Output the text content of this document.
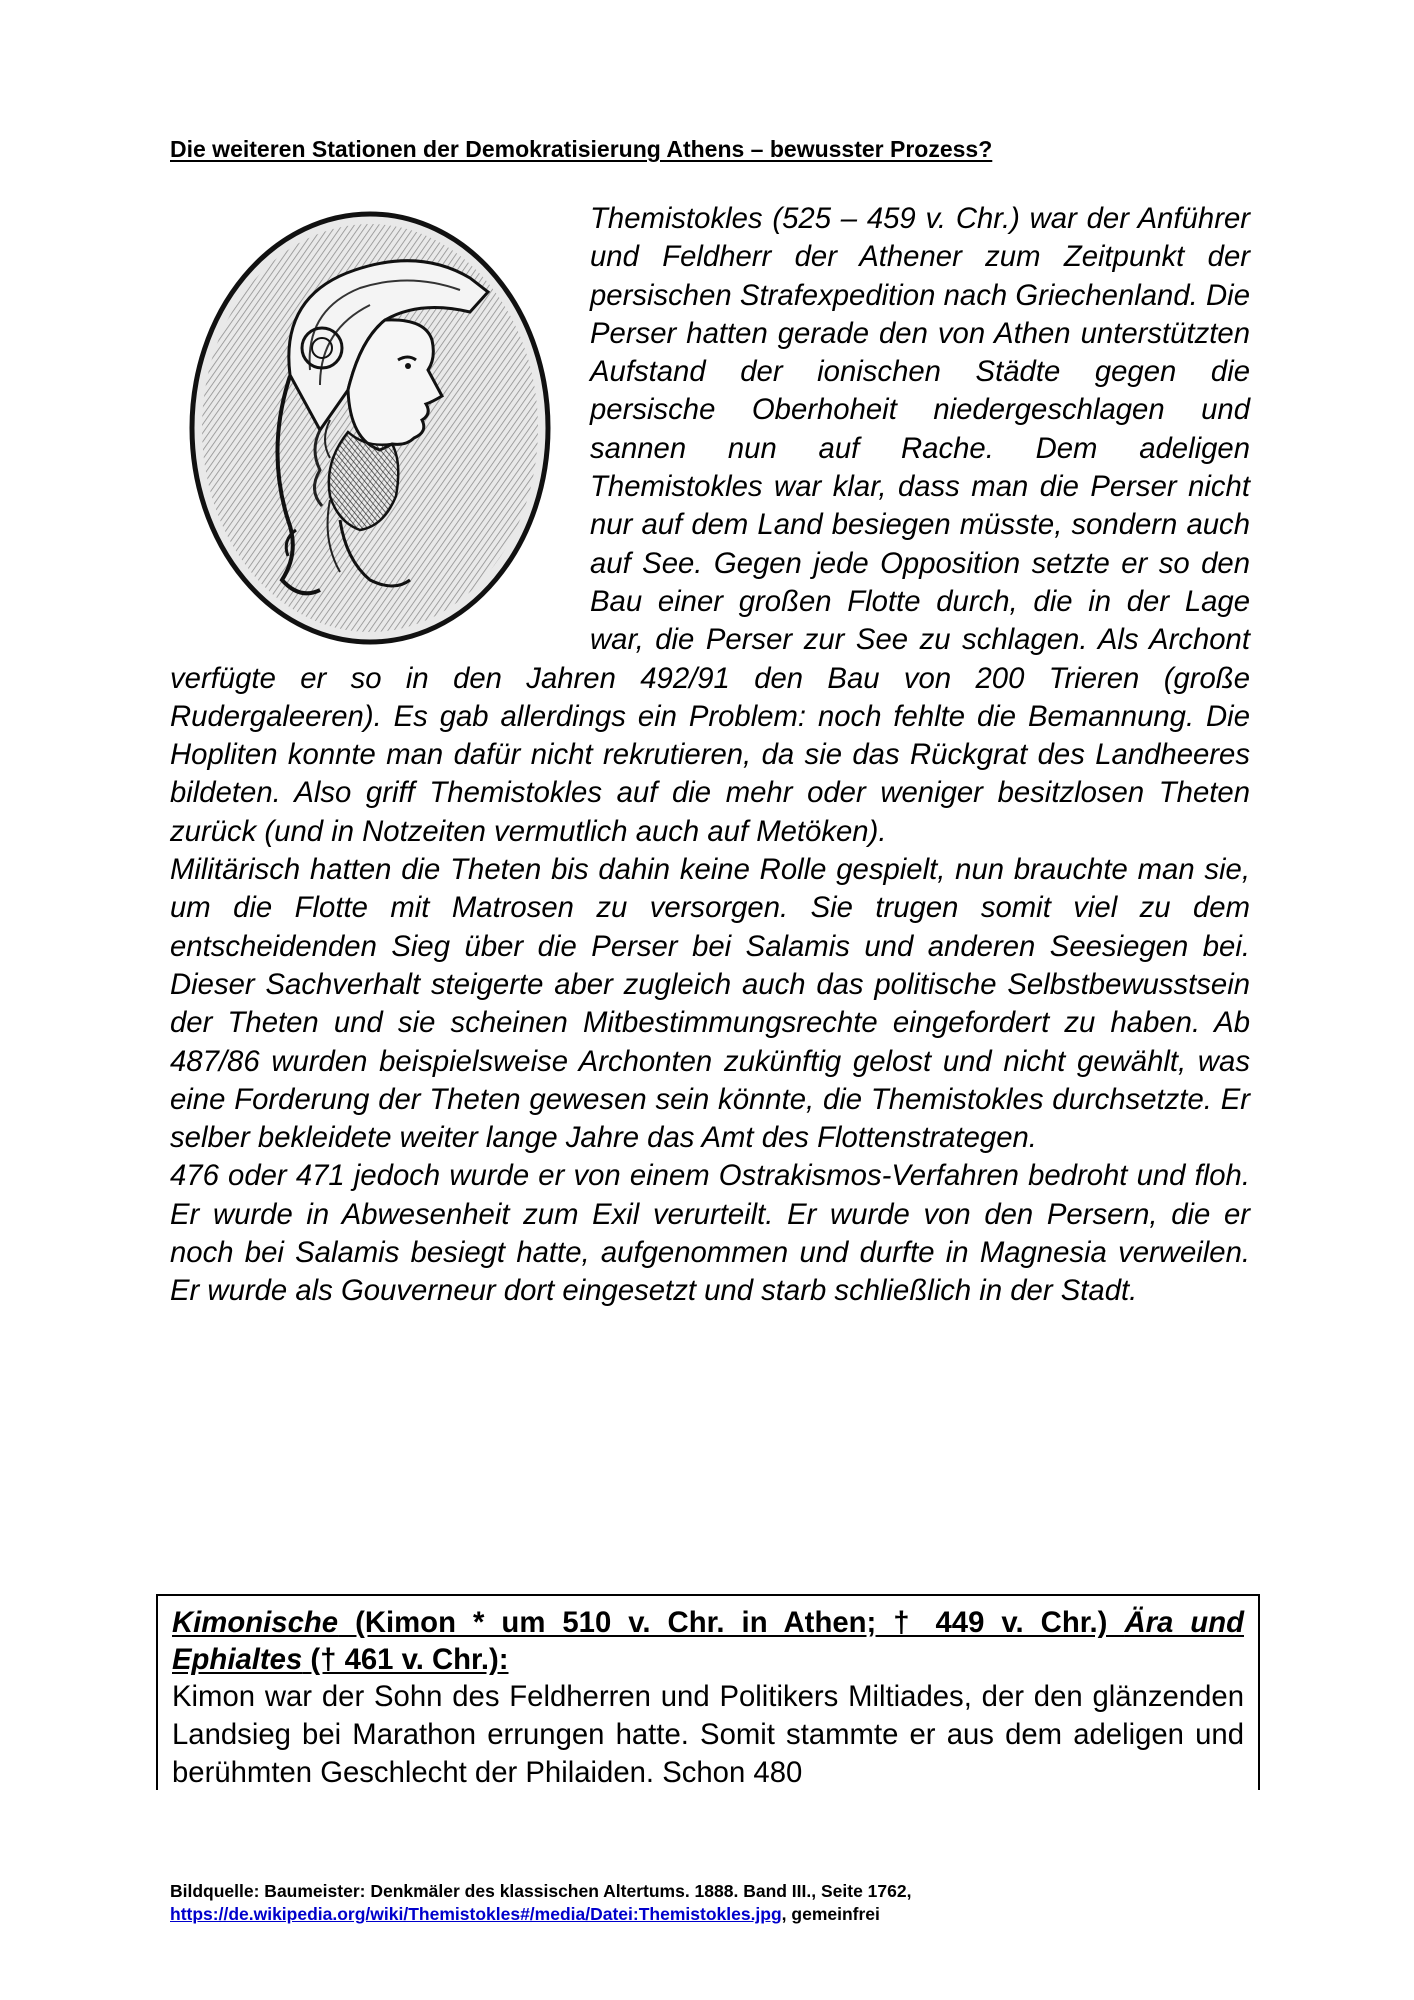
Die weiteren Stationen der Demokratisierung Athens – bewusster Prozess?

Themistokles (525 – 459 v. Chr.) war der Anführer und Feldherr der Athener zum Zeitpunkt der persischen Strafexpedition nach Griechenland. Die Perser hatten gerade den von Athen unterstützten Aufstand der ionischen Städte gegen die persische Oberhoheit niedergeschlagen und sannen nun auf Rache. Dem adeligen Themistokles war klar, dass man die Perser nicht nur auf dem Land besiegen müsste, sondern auch auf See. Gegen jede Opposition setzte er so den Bau einer großen Flotte durch, die in der Lage war, die Perser zur See zu schlagen. Als Archont verfügte er so in den Jahren 492/91 den Bau von 200 Trieren (große Rudergaleeren). Es gab allerdings ein Problem: noch fehlte die Bemannung. Die Hopliten konnte man dafür nicht rekrutieren, da sie das Rückgrat des Landheeres bildeten. Also griff Themistokles auf die mehr oder weniger besitzlosen Theten zurück (und in Notzeiten vermutlich auch auf Metöken).

Militärisch hatten die Theten bis dahin keine Rolle gespielt, nun brauchte man sie, um die Flotte mit Matrosen zu versorgen. Sie trugen somit viel zu dem entscheidenden Sieg über die Perser bei Salamis und anderen Seesiegen bei. Dieser Sachverhalt steigerte aber zugleich auch das politische Selbstbewusstsein der Theten und sie scheinen Mitbestimmungsrechte eingefordert zu haben. Ab 487/86 wurden beispielsweise Archonten zukünftig gelost und nicht gewählt, was eine Forderung der Theten gewesen sein könnte, die Themistokles durchsetzte. Er selber bekleidete weiter lange Jahre das Amt des Flottenstrategen.

476 oder 471 jedoch wurde er von einem Ostrakismos-Verfahren bedroht und floh. Er wurde in Abwesenheit zum Exil verurteilt. Er wurde von den Persern, die er noch bei Salamis besiegt hatte, aufgenommen und durfte in Magnesia verweilen. Er wurde als Gouverneur dort eingesetzt und starb schließlich in der Stadt.

Kimonische (Kimon * um 510 v. Chr. in Athen; † 449 v. Chr.) Ära und Ephialtes († 461 v. Chr.):

Kimon war der Sohn des Feldherren und Politikers Miltiades, der den glänzenden Landsieg bei Marathon errungen hatte. Somit stammte er aus dem adeligen und berühmten Geschlecht der Philaiden. Schon 480

Bildquelle: Baumeister: Denkmäler des klassischen Altertums. 1888. Band III., Seite 1762,
https://de.wikipedia.org/wiki/Themistokles#/media/Datei:Themistokles.jpg, gemeinfrei
